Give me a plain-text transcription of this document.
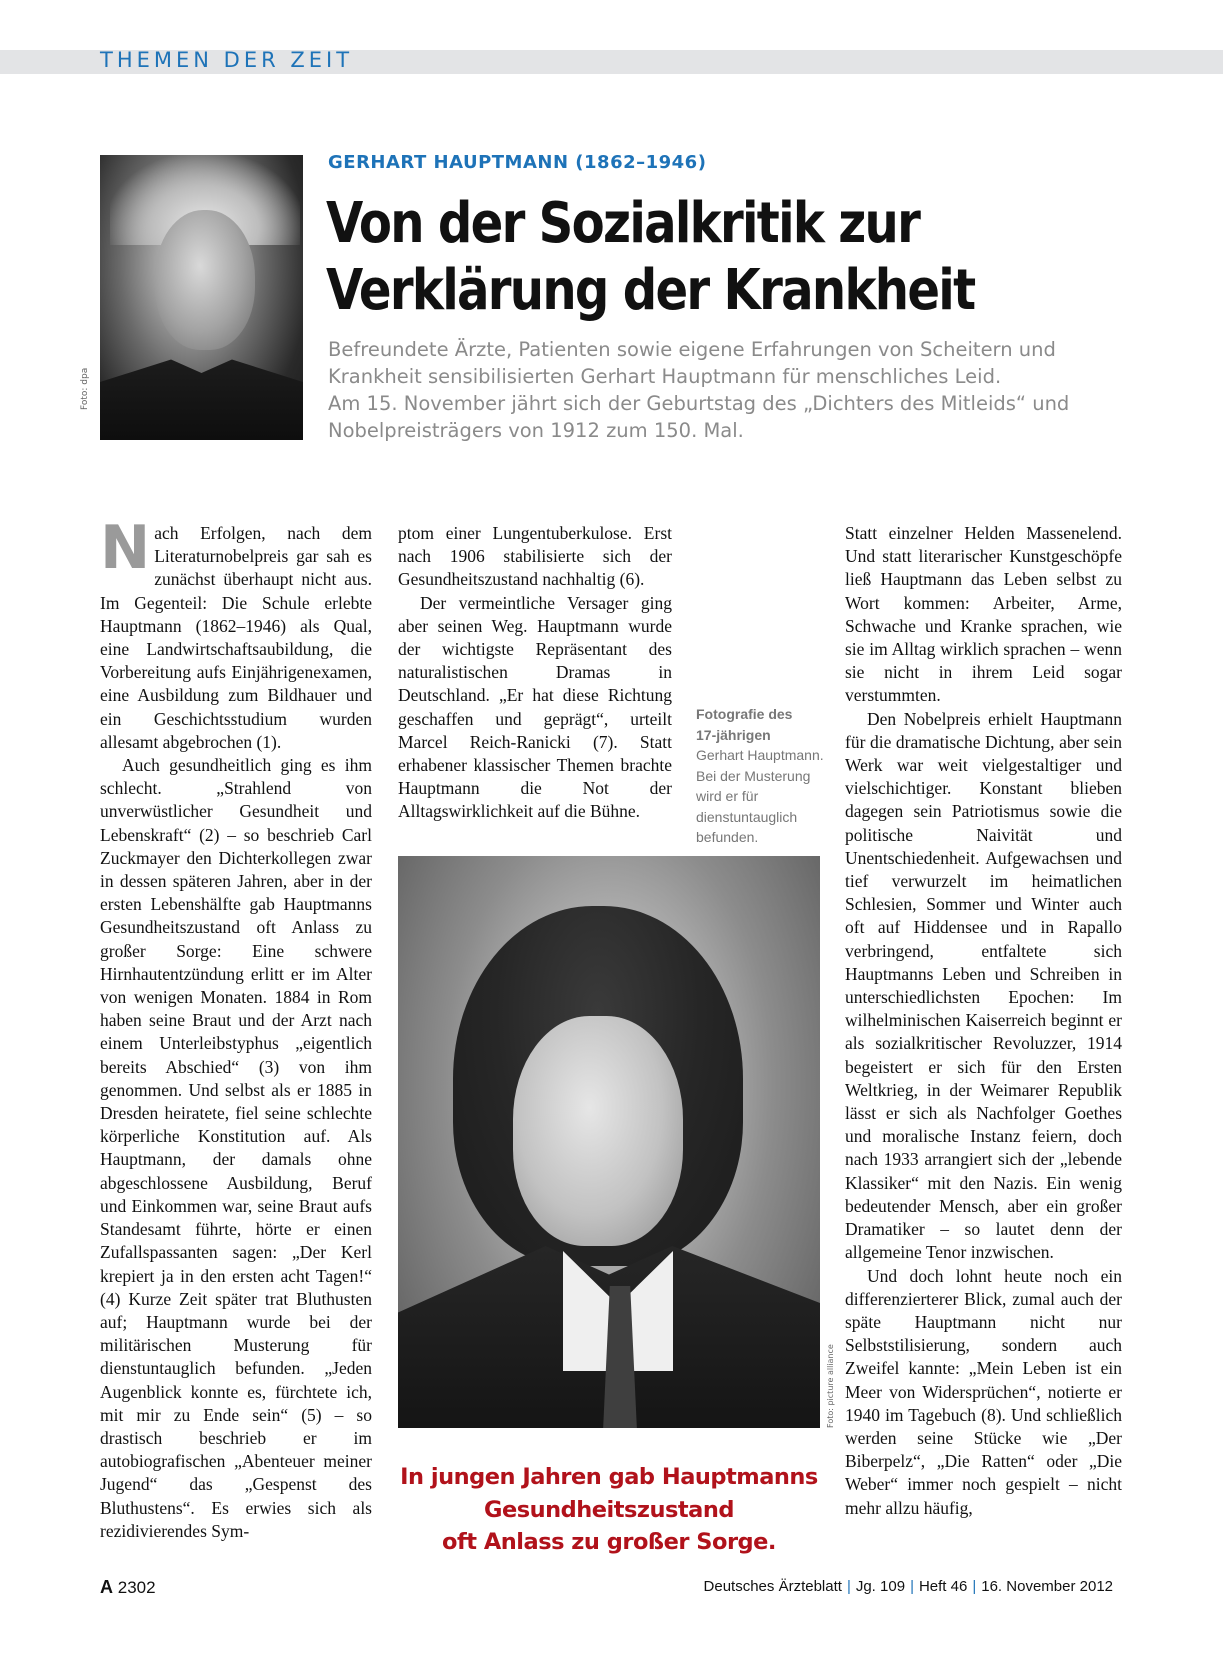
THEMEN DER ZEIT
Foto: dpa
GERHART HAUPTMANN (1862–1946)
Von der Sozialkritik zur
Verklärung der Krankheit

Befreundete Ärzte, Patienten sowie eigene Erfahrungen von Scheitern und

Krankheit sensibilisierten Gerhart Hauptmann für menschliches Leid.

Am 15. November jährt sich der Geburtstag des „Dichters des Mitleids“ und

Nobelpreisträgers von 1912 zum 150. Mal.

Nach Erfolgen, nach dem Literaturnobelpreis gar sah es zunächst überhaupt nicht aus. Im Gegenteil: Die Schule erlebte Hauptmann (1862–1946) als Qual, eine Landwirtschaftsaubildung, die Vorbereitung aufs Einjährigenexamen, eine Ausbildung zum Bildhauer und ein Geschichtsstudium wurden allesamt abgebrochen (1).

Auch gesundheitlich ging es ihm schlecht. „Strahlend von unverwüstlicher Gesundheit und Lebenskraft“ (2) – so beschrieb Carl Zuckmayer den Dichterkollegen zwar in dessen späteren Jahren, aber in der ersten Lebenshälfte gab Hauptmanns Gesundheitszustand oft Anlass zu großer Sorge: Eine schwere Hirnhautentzündung erlitt er im Alter von wenigen Monaten. 1884 in Rom haben seine Braut und der Arzt nach einem Unterleibstyphus „eigentlich bereits Abschied“ (3) von ihm genommen. Und selbst als er 1885 in Dresden heiratete, fiel seine schlechte körperliche Konstitution auf. Als Hauptmann, der damals ohne abgeschlossene Ausbildung, Beruf und Einkommen war, seine Braut aufs Standesamt führte, hörte er einen Zufallspassanten sagen: „Der Kerl krepiert ja in den ersten acht Tagen!“ (4) Kurze Zeit später trat Bluthusten auf; Hauptmann wurde bei der militärischen Musterung für dienstuntauglich befunden. „Jeden Augenblick konnte es, fürchtete ich, mit mir zu Ende sein“ (5) – so drastisch beschrieb er im autobiografischen „Abenteuer meiner Jugend“ das „Gespenst des Bluthustens“. Es erwies sich als rezidivierendes Sym-

ptom einer Lungentuberkulose. Erst nach 1906 stabilisierte sich der Gesundheitszustand nachhaltig (6).

Der vermeintliche Versager ging aber seinen Weg. Hauptmann wurde der wichtigste Repräsentant des naturalistischen Dramas in Deutschland. „Er hat diese Richtung geschaffen und geprägt“, urteilt Marcel Reich-Ranicki (7). Statt erhabener klassischer Themen brachte Hauptmann die Not der Alltagswirklichkeit auf die Bühne.

Fotografie des
17-jährigen
Gerhart Hauptmann. Bei der Musterung wird er für dienstuntauglich befunden.

Statt einzelner Helden Massenelend. Und statt literarischer Kunstgeschöpfe ließ Hauptmann das Leben selbst zu Wort kommen: Arbeiter, Arme, Schwache und Kranke sprachen, wie sie im Alltag wirklich sprachen – wenn sie nicht in ihrem Leid sogar verstummten.

Den Nobelpreis erhielt Hauptmann für die dramatische Dichtung, aber sein Werk war weit vielgestaltiger und vielschichtiger. Konstant blieben dagegen sein Patriotismus sowie die politische Naivität und Unentschiedenheit. Aufgewachsen und tief verwurzelt im heimatlichen Schlesien, Sommer und Winter auch oft auf Hiddensee und in Rapallo verbringend, entfaltete sich Hauptmanns Leben und Schreiben in unterschiedlichsten Epochen: Im wilhelminischen Kaiserreich beginnt er als sozialkritischer Revoluzzer, 1914 begeistert er sich für den Ersten Weltkrieg, in der Weimarer Republik lässt er sich als Nachfolger Goethes und moralische Instanz feiern, doch nach 1933 arrangiert sich der „lebende Klassiker“ mit den Nazis. Ein wenig bedeutender Mensch, aber ein großer Dramatiker – so lautet denn der allgemeine Tenor inzwischen.

Und doch lohnt heute noch ein differenzierterer Blick, zumal auch der späte Hauptmann nicht nur Selbststilisierung, sondern auch Zweifel kannte: „Mein Leben ist ein Meer von Widersprüchen“, notierte er 1940 im Tagebuch (8). Und schließlich werden seine Stücke wie „Der Biberpelz“, „Die Ratten“ oder „Die Weber“ immer noch gespielt – nicht mehr allzu häufig,

Foto: picture alliance
In jungen Jahren gab Hauptmanns
Gesundheitszustand
oft Anlass zu großer Sorge.
A 2302	Deutsches Ärzteblatt | Jg. 109 | Heft 46 | 16. November 2012
